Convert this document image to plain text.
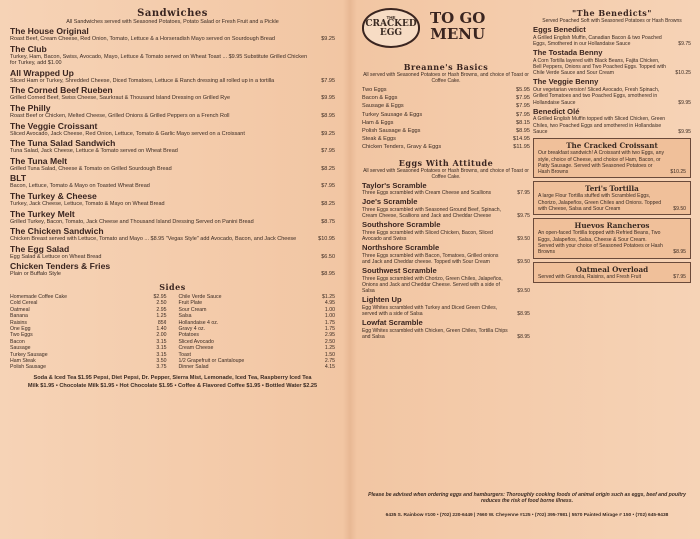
Sandwiches
All Sandwiches served with Seasoned Potatoes, Potato Salad or Fresh Fruit and a Pickle
The House Original
Roast Beef, Cream Cheese, Red Onion, Tomato, Lettuce & a Horseradish Mayo served on Sourdough Bread	$9.25
The Club
Turkey, Ham, Bacon, Swiss, Avocado, Mayo, Lettuce & Tomato served on Wheat Toast ... $9.95 Substitute Grilled Chicken for Turkey, add $1.00
All Wrapped Up
Sliced Ham or Turkey, Shredded Cheese, Diced Tomatoes, Lettuce & Ranch dressing all rolled up in a tortilla	$7.95
The Corned Beef Rueben
Grilled Corned Beef, Swiss Cheese, Saurkraut & Thousand Island Dressing on Grilled Rye	$9.95
The Philly
Roast Beef or Chicken, Melted Cheese, Grilled Onions & Grilled Peppers on a French Roll	$8.95
The Veggie Croissant
Sliced Avocado, Jack Cheese, Red Onion, Lettuce, Tomato & Garlic Mayo served on a Croissant	$9.25
The Tuna Salad Sandwich
Tuna Salad, Jack Cheese, Lettuce & Tomato served on Wheat Bread	$7.95
The Tuna Melt
Grilled Tuna Salad, Cheese & Tomato on Grilled Sourdough Bread	$8.25
BLT
Bacon, Lettuce, Tomato & Mayo on Toasted Wheat Bread	$7.95
The Turkey & Cheese
Turkey, Jack Cheese, Lettuce, Tomato & Mayo on Wheat Bread	$8.25
The Turkey Melt
Grilled Turkey, Bacon, Tomato, Jack Cheese and Thousand Island Dressing Served on Panini Bread	$8.75
The Chicken Sandwich
Chicken Breast served with Lettuce, Tomato and Mayo ... $8.95 "Vegas Style" add Avocado, Bacon, and Jack Cheese	$10.95
The Egg Salad
Egg Salad & Lettuce on Wheat Bread	$6.50
Chicken Tenders & Fries
Plain or Buffalo Style	$8.95
Sides
Homemade Coffee Cake	$2.95
Cold Cereal	2.50
Oatmeal	2.95
Banana	1.25
Raisins	85¢
One Egg	1.40
Two Eggs	2.00
Bacon	3.15
Sausage	3.15
Turkey Sausage	3.15
Ham Steak	3.50
Polish Sausage	3.75
Chile Verde Sauce	$1.25
Fruit Plate	4.95
Sour Cream	1.00
Salsa	1.00
Hollandaise 4 oz.	1.75
Gravy 4 oz.	1.75
Potatoes	2.95
Sliced Avocado	2.50
Cream Cheese	1.25
Toast	1.50
1/2 Grapefruit or Cantaloupe	2.75
Dinner Salad	4.15
Soda & Iced Tea $1.95 Pepsi, Diet Pepsi, Dr. Pepper, Sierra Mist, Lemonade, Iced Tea, Raspberry Iced Tea
Milk $1.95 • Chocolate Milk $1.95 • Hot Chocolate $1.95 • Coffee & Flavored Coffee $1.95 • Bottled Water $2.25
THE
CRACKED EGG
TO GO
MENU
Breanne's Basics
All served with Seasoned Potatoes or Hash Browns, and choice of Toast or Coffee Cake.
Two Eggs	$5.95
Bacon & Eggs	$7.95
Sausage & Eggs	$7.95
Turkey Sausage & Eggs	$7.95
Ham & Eggs	$8.15
Polish Sausage & Eggs	$8.95
Steak & Eggs	$14.95
Chicken Tenders, Gravy & Eggs	$11.95
Eggs With Attitude
All served with Seasoned Potatoes or Hash Browns, and choice of Toast or Coffee Cake.
Taylor's Scramble
Three Eggs scrambled with Cream Cheese and Scallions	$7.95
Joe's Scramble
Three Eggs scrambled with Seasoned Ground Beef, Spinach, Cream Cheese, Scallions and Jack and Cheddar Cheese	$9.75
Southshore Scramble
Three Eggs scrambled with Sliced Chicken, Bacon, Sliced Avocado and Swiss	$9.50
Northshore Scramble
Three Eggs scrambled with Bacon, Tomatoes, Grilled onions and Jack and Cheddar cheese. Topped with Sour Cream	$9.50
Southwest Scramble
Three Eggs scrambled with Chorizo, Green Chiles, Jalapeños, Onions and Jack and Cheddar Cheese. Served with a side of Salsa	$9.50
Lighten Up
Egg Whites scrambled with Turkey and Diced Green Chiles, served with a side of Salsa	$8.95
Lowfat Scramble
Egg Whites scrambled with Chicken, Green Chiles, Tortilla Chips and Salsa	$8.95
"The Benedicts"
Served Poached Soft with Seasoned Potatoes or Hash Browns
Eggs Benedict
A Grilled English Muffin, Canadian Bacon & two Poached Eggs, Smothered in our Hollandaise Sauce	$9.75
The Tostada Benny
A Corn Tortilla layered with Black Beans, Fajita Chicken, Bell Peppers, Onions and Two Poached Eggs. Topped with Chile Verde Sauce and Sour Cream	$10.25
The Veggie Benny
Our vegetarian version! Sliced Avocado, Fresh Spinach, Grilled Tomatoes and two Poached Eggs, smothered in Hollandaise Sauce	$9.95
Benedict Olé
A Grilled English Muffin topped with Sliced Chicken, Green Chiles, two Poached Eggs and smothered in Hollandaise Sauce	$9.95
The Cracked Croissant
Our breakfast sandwich! A Croissant with two Eggs, any style, choice of Cheese, and choice of Ham, Bacon, or Patty Sausage. Served with Seasoned Potatoes or Hash Browns	$10.25
Teri's Tortilla
A large Flour Tortilla stuffed with Scrambled Eggs, Chorizo, Jalapeños, Green Chiles and Onions. Topped with Cheese, Salsa and Sour Cream	$9.50
Huevos Rancheros
An open-faced Tortilla topped with Refried Beans, Two Eggs, Jalapeños, Salsa, Cheese & Sour Cream. Served with your choice of Seasoned Potatoes or Hash Browns	$8.95
Oatmeal Overload
Served with Granola, Raisins, and Fresh Fruit	$7.95
Please be advised when ordering eggs and hamburgers: Thoroughly cooking foods of animal origin such as eggs, beef and poultry reduces the risk of food borne illness.
6435 S. Rainbow #100 • (702) 220-6449 | 7660 W. Cheyenne #125 • (702) 395-7981 | 5570 Painted Mirage # 150 • (702) 645-9438
